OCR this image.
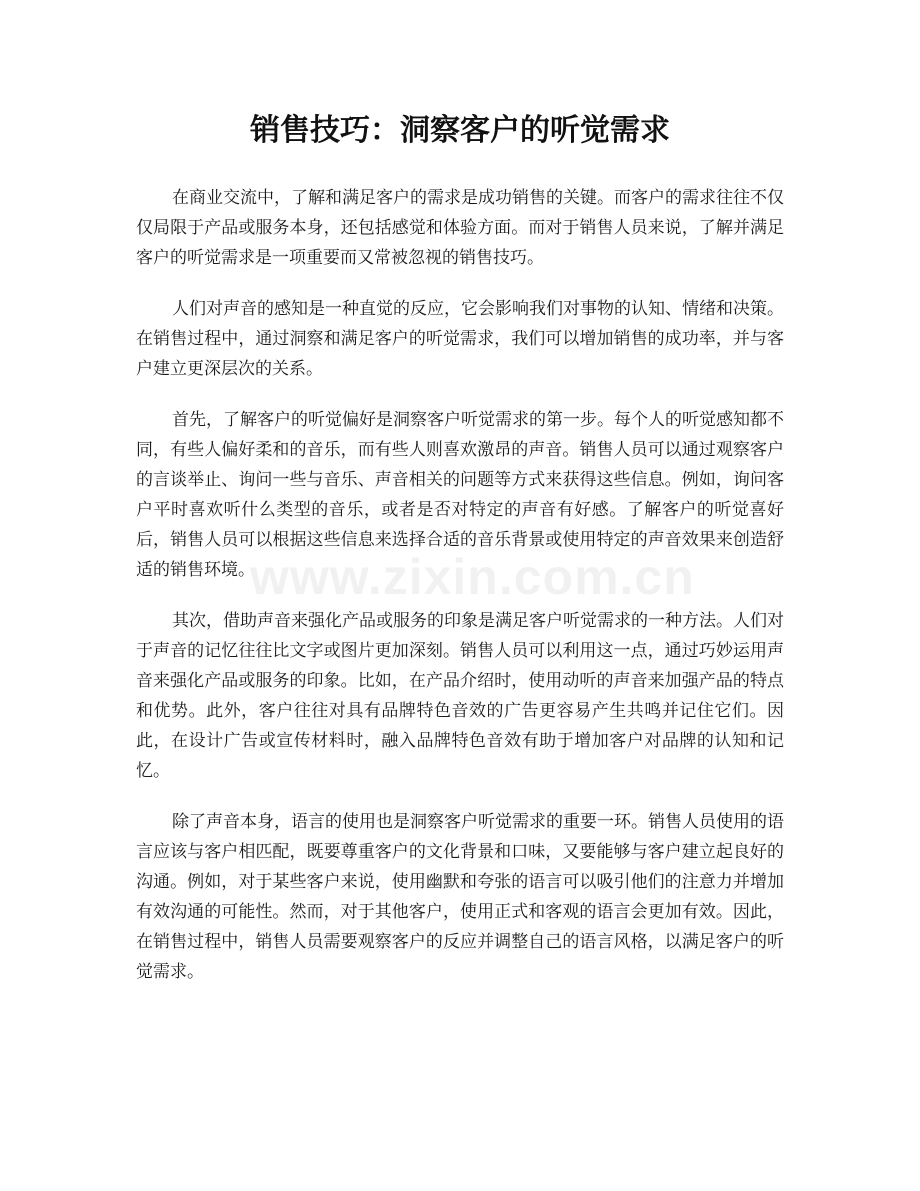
www.zixin.com.cn
销售技巧：洞察客户的听觉需求

在商业交流中，了解和满足客户的需求是成功销售的关键。而客户的需求往往不仅仅局限于产品或服务本身，还包括感觉和体验方面。而对于销售人员来说，了解并满足客户的听觉需求是一项重要而又常被忽视的销售技巧。

人们对声音的感知是一种直觉的反应，它会影响我们对事物的认知、情绪和决策。在销售过程中，通过洞察和满足客户的听觉需求，我们可以增加销售的成功率，并与客户建立更深层次的关系。

首先，了解客户的听觉偏好是洞察客户听觉需求的第一步。每个人的听觉感知都不同，有些人偏好柔和的音乐，而有些人则喜欢激昂的声音。销售人员可以通过观察客户的言谈举止、询问一些与音乐、声音相关的问题等方式来获得这些信息。例如，询问客户平时喜欢听什么类型的音乐，或者是否对特定的声音有好感。了解客户的听觉喜好后，销售人员可以根据这些信息来选择合适的音乐背景或使用特定的声音效果来创造舒适的销售环境。

其次，借助声音来强化产品或服务的印象是满足客户听觉需求的一种方法。人们对于声音的记忆往往比文字或图片更加深刻。销售人员可以利用这一点，通过巧妙运用声音来强化产品或服务的印象。比如，在产品介绍时，使用动听的声音来加强产品的特点和优势。此外，客户往往对具有品牌特色音效的广告更容易产生共鸣并记住它们。因此，在设计广告或宣传材料时，融入品牌特色音效有助于增加客户对品牌的认知和记忆。

除了声音本身，语言的使用也是洞察客户听觉需求的重要一环。销售人员使用的语言应该与客户相匹配，既要尊重客户的文化背景和口味，又要能够与客户建立起良好的沟通。例如，对于某些客户来说，使用幽默和夸张的语言可以吸引他们的注意力并增加有效沟通的可能性。然而，对于其他客户，使用正式和客观的语言会更加有效。因此，在销售过程中，销售人员需要观察客户的反应并调整自己的语言风格，以满足客户的听觉需求。
